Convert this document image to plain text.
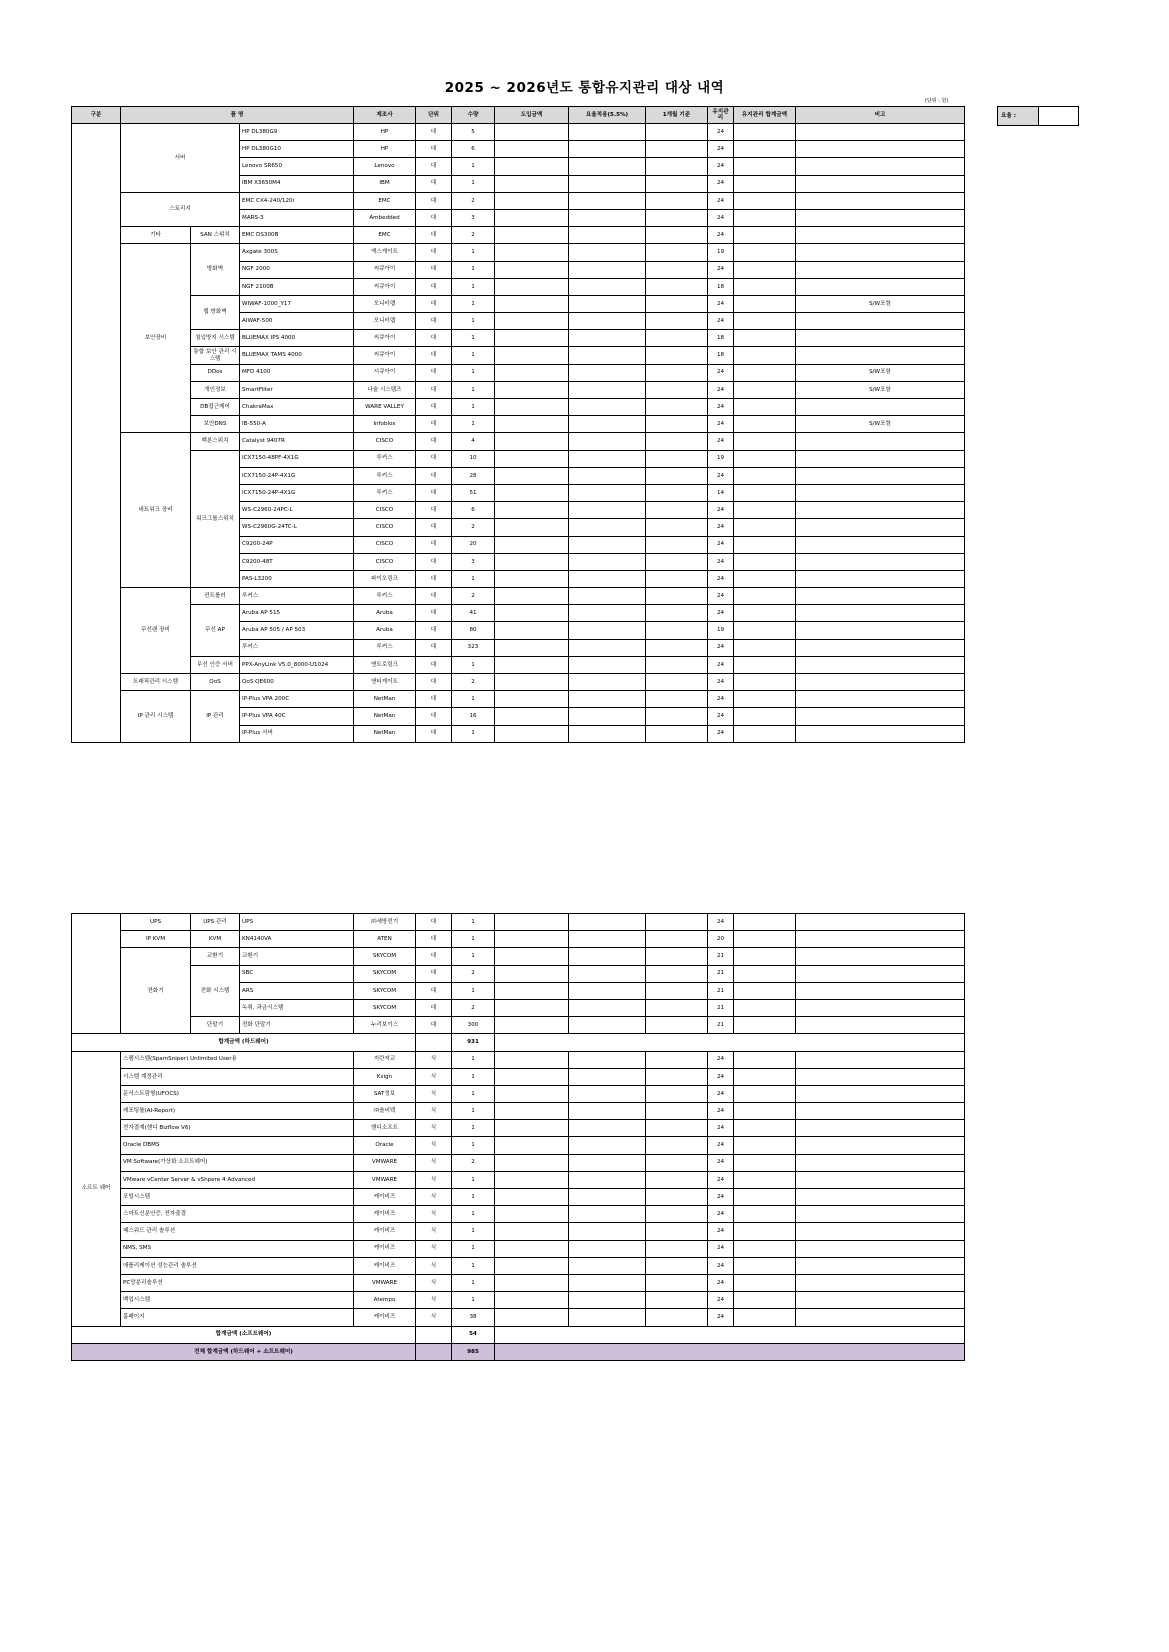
2025 ~ 2026년도 통합유지관리 대상 내역
(단위 : 원)
요율 :
구분	품 명			제조사	단위	수량	도입금액	요율적용(5.5%)	1개월 기준	유지관리	유지관리 합계금액	비고
	서버		HP DL380G9	HP	대	5				24		
			HP DL380G10	HP	대	6				24		
			Lenovo SR650	Lenovo	대	1				24		
			IBM X3650M4	IBM	대	1				24		
	스토리지		EMC CX4-240/120i	EMC	대	2				24		
			MARS-3	Ambedded	대	3				24		
	기타	SAN 스위치	EMC DS300B	EMC	대	2				24		
	보안장비	방화벽	Axgate 300S	엑스게이트	대	1				19		
			NGF 2000	씨큐아이	대	1				24		
			NGF 2100B	씨큐아이	대	1				18		
		웹 방화벽	WIWAF-1000_Y17	모니터랩	대	1				24		S/W포함
			AIWAF-500	모니터랩	대	1				24		
		침입방지 시스템	BLUEMAX IPS 4000	씨큐아이	대	1				18		
		통합 보안 관리 시스템	BLUEMAX TAMS 4000	씨큐아이	대	1				18		
		DDos	MFD 4100	시큐아이	대	1				24		S/W포함
		개인정보	SmartFilter	나술 시스템즈	대	1				24		S/W포함
		DB접근제어	ChakraMax	WARE VALLEY	대	1				24		
		보안DNS	IB-550-A	Infoblox	대	1				24		S/W포함
	네트워크 장비	백본스위치	Catalyst 9407R	CISCO	대	4				24		
		워크그룹스위치	ICX7150-48PF-4X1G	루커스	대	10				19		
			ICX7150-24P-4X1G	루커스	대	28				24		
			ICX7150-24P-4X1G	루커스	대	51				14		
			WS-C2960-24PC-L	CISCO	대	6				24		
			WS-C2960G-24TC-L	CISCO	대	2				24		
			C9200-24P	CISCO	대	20				24		
			C9200-48T	CISCO	대	3				24		
			PAS-L3200	파이오링크	대	1				24		
	무선랜 장비	컨트롤러	루커스	루커스	대	2				24		
		무선 AP	Aruba AP 515	Aruba	대	41				24		
			Aruba AP 505 / AP 503	Aruba	대	80				19		
			루커스	루커스	대	323				24		
		무선 인증 서버	PPX-AnyLink V5.0_8000-U1024	앤트로링크	대	1				24		
	트래픽관리 시스템	QoS	QoS QE600	앤티게이트	대	2				24		
	IP 관리 시스템	IP 관리	IP-Plus VPA 200C	NetMan	대	1				24		
			IP-Plus VPA 40C	NetMan	대	16				24		
			IP-Plus 서버	NetMan	대	1				24		
	UPS	UPS 관리	UPS	㈜세방전기	대	1				24		
	IP KVM	KVM	KN4140VA	ATEN	대	1				20		
	전화기	교환기	교환기	SKYCOM	대	1				21		
		전화 시스템	SBC	SKYCOM	대	2				21		
			ARS	SKYCOM	대	1				21		
			녹취, 과금시스템	SKYCOM	대	2				21		
		단말기	전화 단말기	누리보이스	대	300				21		
합계금액 (하드웨어)						931						
소프트 웨어	스팸시스템(SpamSniper) Unlimited User용			지란지교	식	1				24		
	시스템 계정관리			Ksign	식	1				24		
	문서스트림형(UFOCS)			SAT정보	식	1				24		
	레포팅툴(AI-Report)			㈜솔비텍	식	1				24		
	전자결재(핸디 Bizflow V6)			핸디소프트	식	1				24		
	Oracle DBMS			Oracle	식	1				24		
	VM Software(가상화 소프트웨어)			VMWARE	식	2				24		
	VMware vCenter Server & vShpere 4 Advanced			VMWARE	식	1				24		
	포털시스템			케이비즈	식	1				24		
	스마트신분인증, 전자출결			케이비즈	식	1				24		
	패스워드 관리 솔루션			케이비즈	식	1				24		
	NMS, SMS			케이비즈	식	1				24		
	애플리케이션 성능관리 솔루션			케이비즈	식	1				24		
	PC망분리솔루션			VMWARE	식	1				24		
	백업시스템			Atempo	식	1				24		
	홈페이지			케이비즈	식	38				24		
합계금액 (소프트웨어)						54						
전체 합계금액 (하드웨어 + 소프트웨어)						985						
